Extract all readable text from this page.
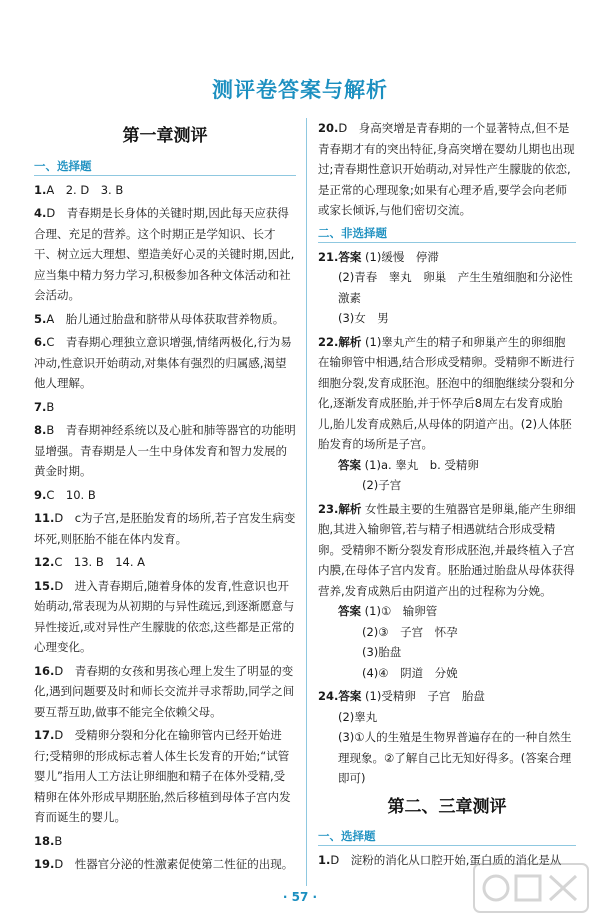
测评卷答案与解析
第一章测评
一、选择题
1.A　2. D　3. B
4.D　青春期是长身体的关键时期,因此每天应获得合理、充足的营养。这个时期正是学知识、长才干、树立远大理想、塑造美好心灵的关键时期,因此,应当集中精力努力学习,积极参加各种文体活动和社会活动。
5.A　胎儿通过胎盘和脐带从母体获取营养物质。
6.C　青春期心理独立意识增强,情绪两极化,行为易冲动,性意识开始萌动,对集体有强烈的归属感,渴望他人理解。
7.B
8.B　青春期神经系统以及心脏和肺等器官的功能明显增强。青春期是人一生中身体发育和智力发展的黄金时期。
9.C　10. B
11.D　c为子宫,是胚胎发育的场所,若子宫发生病变坏死,则胚胎不能在体内发育。
12.C　13. B　14. A
15.D　进入青春期后,随着身体的发育,性意识也开始萌动,常表现为从初期的与异性疏远,到逐渐愿意与异性接近,或对异性产生朦胧的依恋,这些都是正常的心理变化。
16.D　青春期的女孩和男孩心理上发生了明显的变化,遇到问题要及时和师长交流并寻求帮助,同学之间要互帮互助,做事不能完全依赖父母。
17.D　受精卵分裂和分化在输卵管内已经开始进行;受精卵的形成标志着人体生长发育的开始;“试管婴儿”指用人工方法让卵细胞和精子在体外受精,受精卵在体外形成早期胚胎,然后移植到母体子宫内发育而诞生的婴儿。
18.B
19.D　性器官分泌的性激素促使第二性征的出现。
20.D　身高突增是青春期的一个显著特点,但不是青春期才有的突出特征,身高突增在婴幼儿期也出现过;青春期性意识开始萌动,对异性产生朦胧的依恋,是正常的心理现象;如果有心理矛盾,要学会向老师或家长倾诉,与他们密切交流。
二、非选择题
21.答案 (1)缓慢　停滞
(2)青春　睾丸　卵巢　产生生殖细胞和分泌性激素
(3)女　男
22.解析 (1)睾丸产生的精子和卵巢产生的卵细胞在输卵管中相遇,结合形成受精卵。受精卵不断进行细胞分裂,发育成胚泡。胚泡中的细胞继续分裂和分化,逐渐发育成胚胎,并于怀孕后8周左右发育成胎儿,胎儿发育成熟后,从母体的阴道产出。(2)人体胚胎发育的场所是子宫。
答案 (1)a. 睾丸　b. 受精卵
(2)子宫
23.解析 女性最主要的生殖器官是卵巢,能产生卵细胞,其进入输卵管,若与精子相遇就结合形成受精卵。受精卵不断分裂发育形成胚泡,并最终植入子宫内膜,在母体子宫内发育。胚胎通过胎盘从母体获得营养,发育成熟后由阴道产出的过程称为分娩。
答案 (1)①　输卵管
(2)③　子宫　怀孕
(3)胎盘
(4)④　阴道　分娩
24.答案 (1)受精卵　子宫　胎盘
(2)睾丸
(3)①人的生殖是生物界普遍存在的一种自然生理现象。②了解自己比无知好得多。(答案合理即可)
第二、三章测评
一、选择题
1.D　淀粉的消化从口腔开始,蛋白质的消化是从
· 57 ·
